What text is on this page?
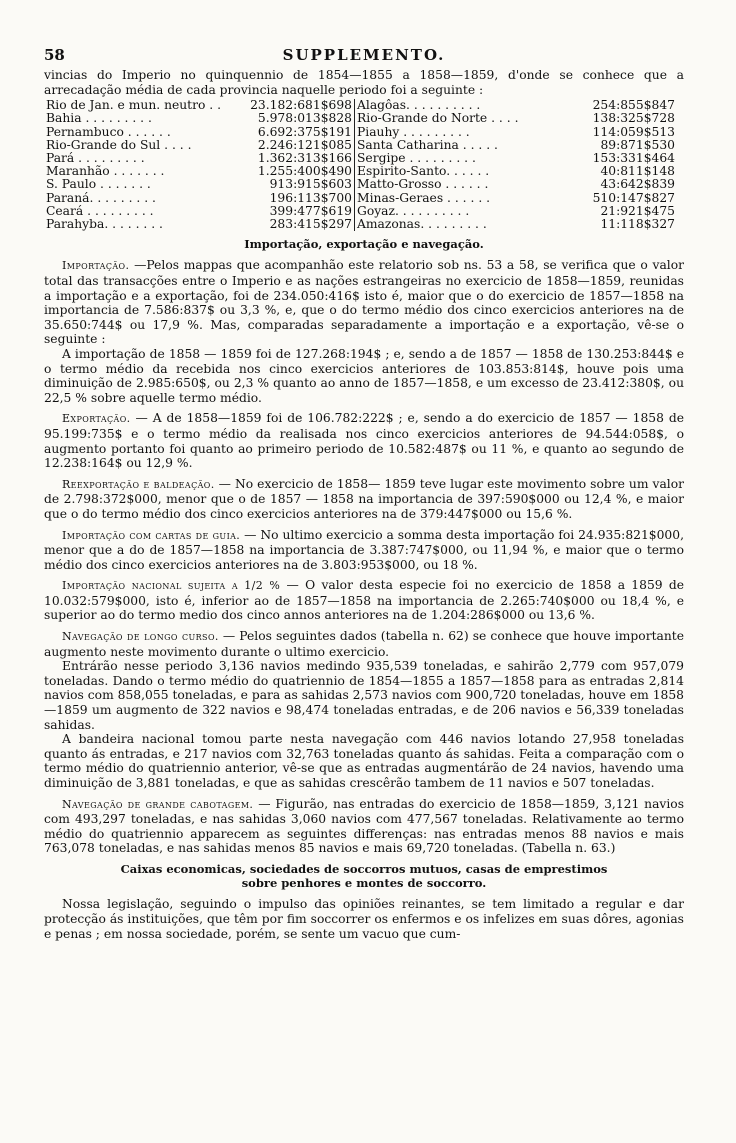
58	SUPPLEMENTO.

vincias do Imperio no quinquennio de 1854—1855 a 1858—1859, d'onde se conhece que a arrecadação média de cada provincia naquelle periodo foi a seguinte :

Rio de Jan. e mun. neutro . .	23.182:681$698	Alagôas. . . . . . . . . .	254:855$847
Bahia . . . . . . . . .	5.978:013$828	Rio-Grande do Norte . . . .	138:325$728
Pernambuco . . . . . .	6.692:375$191	Piauhy . . . . . . . . .	114:059$513
Rio-Grande do Sul . . . .	2.246:121$085	Santa Catharina . . . . .	89:871$530
Pará . . . . . . . . .	1.362:313$166	Sergipe . . . . . . . . .	153:331$464
Maranhão . . . . . . .	1.255:400$490	Espirito-Santo. . . . . .	40:811$148
S. Paulo . . . . . . .	913:915$603	Matto-Grosso . . . . . .	43:642$839
Paraná. . . . . . . . .	196:113$700	Minas-Geraes . . . . . .	510:147$827
Ceará . . . . . . . . .	399:477$619	Goyaz. . . . . . . . . .	21:921$475
Parahyba. . . . . . . .	283:415$297	Amazonas. . . . . . . . .	11:118$327
Importação, exportação e navegação.

Importação. —Pelos mappas que acompanhão este relatorio sob ns. 53 a 58, se verifica que o valor total das transacções entre o Imperio e as nações estrangeiras no exercicio de 1858—1859, reunidas a importação e a exportação, foi de 234.050:416$ isto é, maior que o do exercicio de 1857—1858 na importancia de 7.586:837$ ou 3,3 %, e, que o do termo médio dos cinco exercicios anteriores na de 35.650:744$ ou 17,9 %. Mas, comparadas separadamente a importação e a exportação, vê-se o seguinte :

A importação de 1858 — 1859 foi de 127.268:194$ ; e, sendo a de 1857 — 1858 de 130.253:844$ e o termo médio da recebida nos cinco exercicios anteriores de 103.853:814$, houve pois uma diminuição de 2.985:650$, ou 2,3 % quanto ao anno de 1857—1858, e um excesso de 23.412:380$, ou 22,5 % sobre aquelle termo médio.

Exportação. — A de 1858—1859 foi de 106.782:222$ ; e, sendo a do exercicio de 1857 — 1858 de 95.199:735$ e o termo médio da realisada nos cinco exercicios anteriores de 94.544:058$, o augmento portanto foi quanto ao primeiro periodo de 10.582:487$ ou 11 %, e quanto ao segundo de 12.238:164$ ou 12,9 %.

Reexportação e baldeação. — No exercicio de 1858— 1859 teve lugar este movimento sobre um valor de 2.798:372$000, menor que o de 1857 — 1858 na importancia de 397:590$000 ou 12,4 %, e maior que o do termo médio dos cinco exercicios anteriores na de 379:447$000 ou 15,6 %.

Importação com cartas de guia. — No ultimo exercicio a somma desta importação foi 24.935:821$000, menor que a do de 1857—1858 na importancia de 3.387:747$000, ou 11,94 %, e maior que o termo médio dos cinco exercicios anteriores na de 3.803:953$000, ou 18 %.

Importação nacional sujeita a 1/2 % — O valor desta especie foi no exercicio de 1858 a 1859 de 10.032:579$000, isto é, inferior ao de 1857—1858 na importancia de 2.265:740$000 ou 18,4 %, e superior ao do termo medio dos cinco annos anteriores na de 1.204:286$000 ou 13,6 %.

Navegação de longo curso. — Pelos seguintes dados (tabella n. 62) se conhece que houve importante augmento neste movimento durante o ultimo exercicio.

Entrárão nesse periodo 3,136 navios medindo 935,539 toneladas, e sahirão 2,779 com 957,079 toneladas. Dando o termo médio do quatriennio de 1854—1855 a 1857—1858 para as entradas 2,814 navios com 858,055 toneladas, e para as sahidas 2,573 navios com 900,720 toneladas, houve em 1858—1859 um augmento de 322 navios e 98,474 toneladas entradas, e de 206 navios e 56,339 toneladas sahidas.

A bandeira nacional tomou parte nesta navegação com 446 navios lotando 27,958 toneladas quanto ás entradas, e 217 navios com 32,763 toneladas quanto ás sahidas. Feita a comparação com o termo médio do quatriennio anterior, vê-se que as entradas augmentárão de 24 navios, havendo uma diminuição de 3,881 toneladas, e que as sahidas crescêrão tambem de 11 navios e 507 toneladas.

Navegação de grande cabotagem. — Figurão, nas entradas do exercicio de 1858—1859, 3,121 navios com 493,297 toneladas, e nas sahidas 3,060 navios com 477,567 toneladas. Relativamente ao termo médio do quatriennio apparecem as seguintes differenças: nas entradas menos 88 navios e mais 763,078 toneladas, e nas sahidas menos 85 navios e mais 69,720 toneladas. (Tabella n. 63.)

Caixas economicas, sociedades de soccorros mutuos, casas de emprestimos
sobre penhores e montes de soccorro.

Nossa legislação, seguindo o impulso das opiniões reinantes, se tem limitado a regular e dar protecção ás instituições, que têm por fim soccorrer os enfermos e os infelizes em suas dôres, agonias e penas ; em nossa sociedade, porém, se sente um vacuo que cum-
